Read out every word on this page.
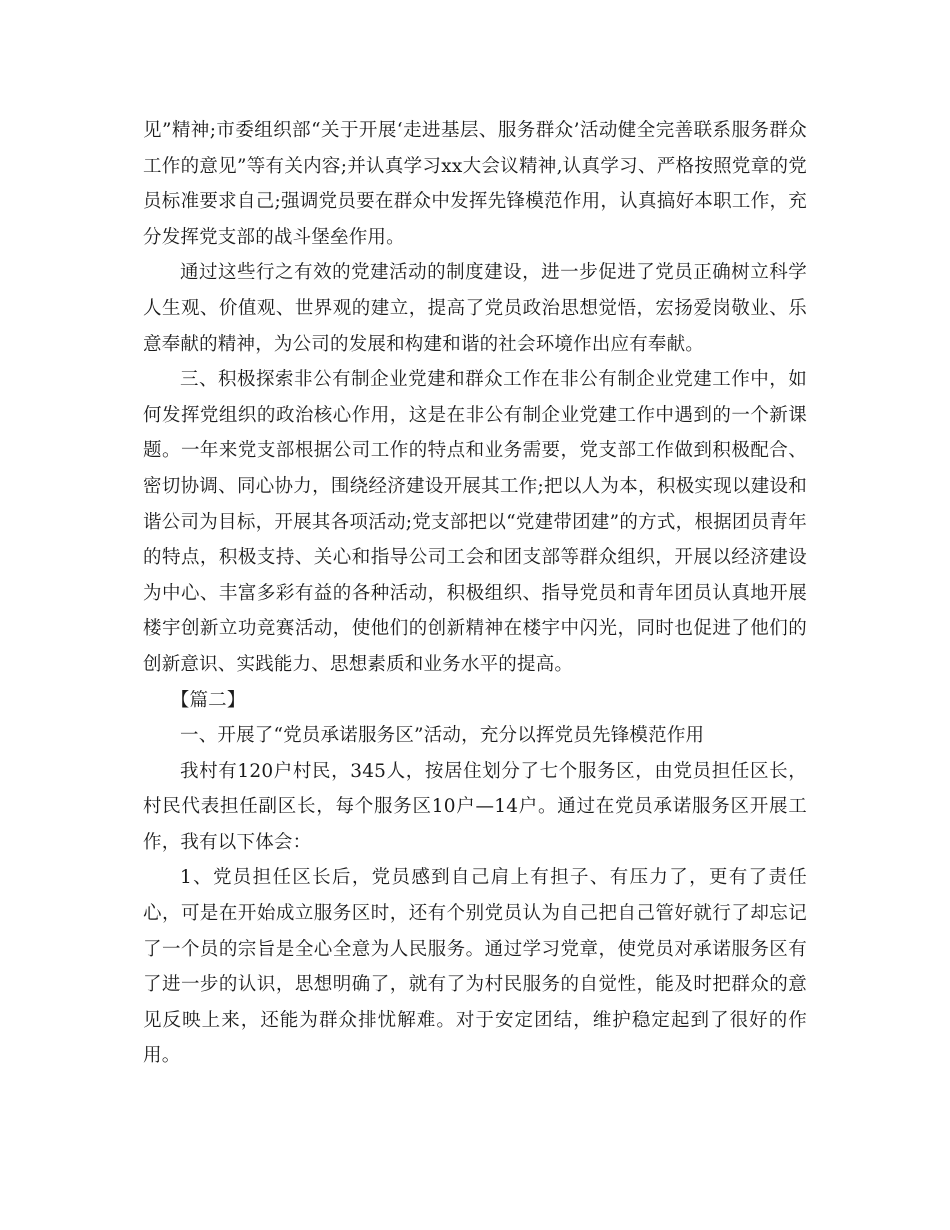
见”精神;市委组织部“关于开展‘走进基层、服务群众’活动健全完善联系服务群众工作的意见”等有关内容;并认真学习xx大会议精神,认真学习、严格按照党章的党员标准要求自己;强调党员要在群众中发挥先锋模范作用，认真搞好本职工作，充分发挥党支部的战斗堡垒作用。

通过这些行之有效的党建活动的制度建设，进一步促进了党员正确树立科学人生观、价值观、世界观的建立，提高了党员政治思想觉悟，宏扬爱岗敬业、乐意奉献的精神，为公司的发展和构建和谐的社会环境作出应有奉献。

三、积极探索非公有制企业党建和群众工作在非公有制企业党建工作中，如何发挥党组织的政治核心作用，这是在非公有制企业党建工作中遇到的一个新课题。一年来党支部根据公司工作的特点和业务需要，党支部工作做到积极配合、密切协调、同心协力，围绕经济建设开展其工作;把以人为本，积极实现以建设和谐公司为目标，开展其各项活动;党支部把以“党建带团建”的方式，根据团员青年的特点，积极支持、关心和指导公司工会和团支部等群众组织，开展以经济建设为中心、丰富多彩有益的各种活动，积极组织、指导党员和青年团员认真地开展楼宇创新立功竞赛活动，使他们的创新精神在楼宇中闪光，同时也促进了他们的创新意识、实践能力、思想素质和业务水平的提高。

【篇二】

一、开展了“党员承诺服务区”活动，充分以挥党员先锋模范作用

我村有120户村民，345人，按居住划分了七个服务区，由党员担任区长，村民代表担任副区长，每个服务区10户—14户。通过在党员承诺服务区开展工作，我有以下体会：

1、党员担任区长后，党员感到自己肩上有担子、有压力了，更有了责任心，可是在开始成立服务区时，还有个别党员认为自己把自己管好就行了却忘记了一个员的宗旨是全心全意为人民服务。通过学习党章，使党员对承诺服务区有了进一步的认识，思想明确了，就有了为村民服务的自觉性，能及时把群众的意见反映上来，还能为群众排忧解难。对于安定团结，维护稳定起到了很好的作用。
